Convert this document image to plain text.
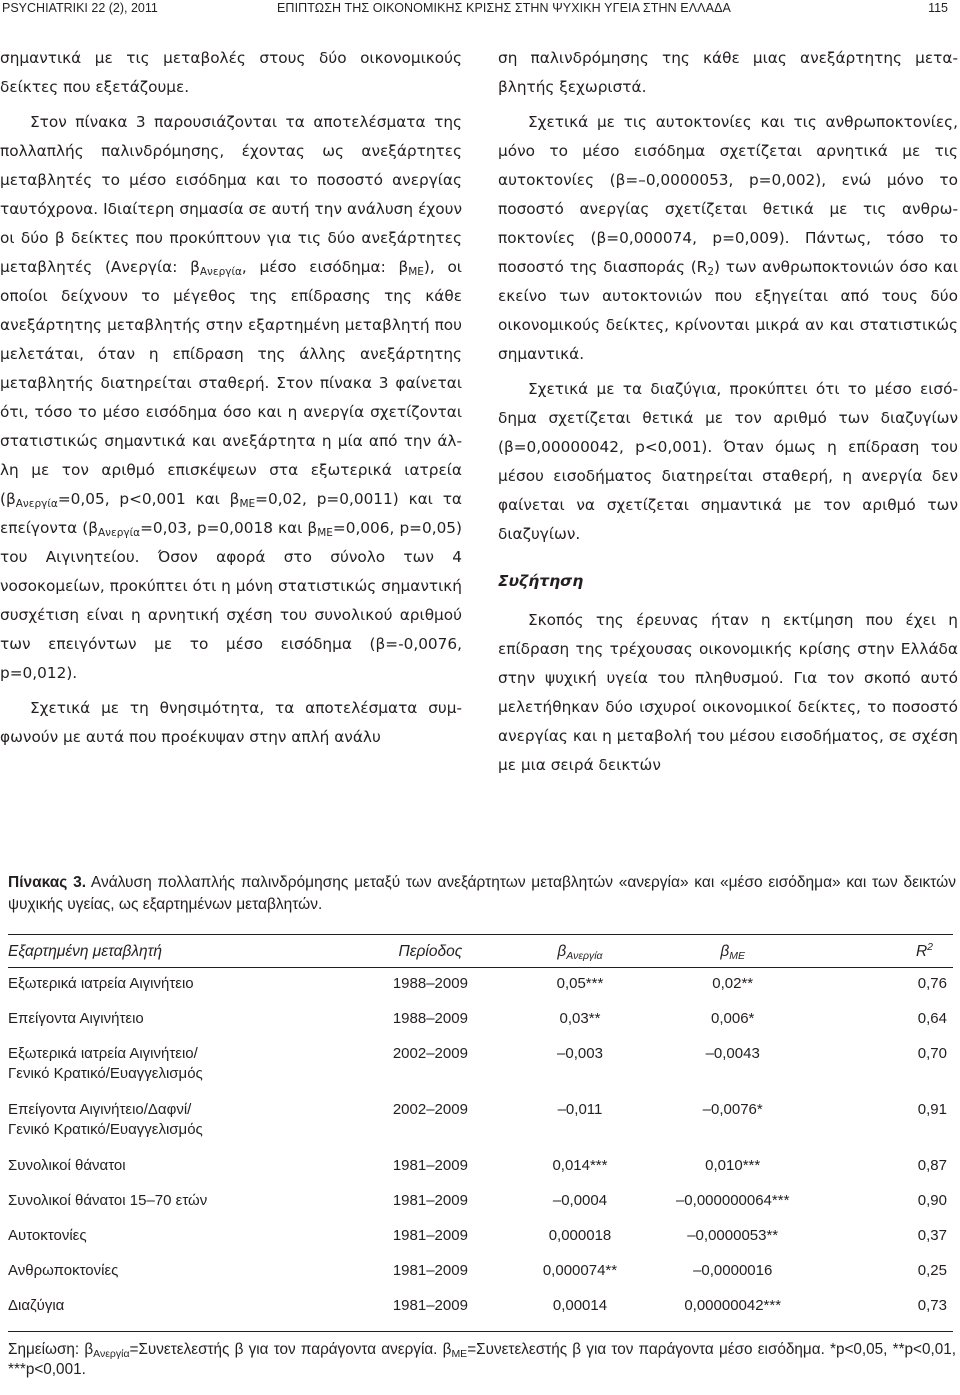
PSYCHIATRIKI 22 (2), 2011	ΕΠΙΠΤΩΣΗ ΤΗΣ ΟΙΚΟΝΟΜΙΚΗΣ ΚΡΙΣΗΣ ΣΤΗΝ ΨΥΧΙΚΗ ΥΓΕΙΑ ΣΤΗΝ ΕΛΛΑΔΑ	115

σημαντικά με τις μεταβολές στους δύο οικονομικούς δείκτες που εξετάζουμε.

Στον πίνακα 3 παρουσιάζονται τα αποτελέσματα της πολλαπλής παλινδρόμησης, έχοντας ως ανεξάρτητες μεταβλητές το μέσο εισόδημα και το ποσοστό ανεργίας ταυτόχρονα. Ιδιαίτερη σημασία σε αυτή την ανάλυση έχουν οι δύο β δείκτες που προκύπτουν για τις δύο ανεξάρτητες μεταβλητές (Ανεργία: $\beta_{A\nu\varepsilon\rho\gamma ί\alpha}$, μέσο εισόδημα: $\beta_{ME}$), οι οποίοι δείχνουν το μέγεθος της επίδρασης της κάθε ανεξάρτητης μεταβλητής στην εξαρτημένη μεταβλητή που μελετάται, όταν η επίδραση της άλλης ανεξάρτητης μεταβλητής διατηρείται σταθερή. Στον πίνακα 3 φαίνεται ότι, τόσο το μέσο εισόδημα όσο και η ανεργία σχετίζονται στατιστικώς σημαντικά και ανεξάρτητα η μία από την άλλη με τον αριθμό επισκέψεων στα εξωτερικά ιατρεία ($\beta_{A\nu\varepsilon\rho\gamma ί\alpha}=0,05$, p<0,001 και $\beta_{ME}=0,02$, p=0,0011) και τα επείγοντα ($\beta_{A\nu\varepsilon\rho\gamma ί\alpha}=0,03$, p=0,0018 και $\beta_{ME}=0,006$, p=0,05) του Αιγινητείου. Όσον αφορά στο σύνολο των 4 νοσοκομείων, προκύπτει ότι η μόνη στατιστικώς σημαντική συσχέτιση είναι η αρνητική σχέση του συνολικού αριθμού των επειγόντων με το μέσο εισόδημα (β=-0,0076, p=0,012).

Σχετικά με τη θνησιμότητα, τα αποτελέσματα συμφωνούν με αυτά που προέκυψαν στην απλή ανάλυ

ση παλινδρόμησης της κάθε μιας ανεξάρτητης μεταβλητής ξεχωριστά.

Σχετικά με τις αυτοκτονίες και τις ανθρωποκτονίες, μόνο το μέσο εισόδημα σχετίζεται αρνητικά με τις αυτοκτονίες (β=–0,0000053, p=0,002), ενώ μόνο το ποσοστό ανεργίας σχετίζεται θετικά με τις ανθρωποκτονίες (β=0,000074, p=0,009). Πάντως, τόσο το ποσοστό της διασποράς $(R_2)$ των ανθρωποκτονιών όσο και εκείνο των αυτοκτονιών που εξηγείται από τους δύο οικονομικούς δείκτες, κρίνονται μικρά αν και στατιστικώς σημαντικά.

Σχετικά με τα διαζύγια, προκύπτει ότι το μέσο εισόδημα σχετίζεται θετικά με τον αριθμό των διαζυγίων (β=0,00000042, p<0,001). Όταν όμως η επίδραση του μέσου εισοδήματος διατηρείται σταθερή, η ανεργία δεν φαίνεται να σχετίζεται σημαντικά με τον αριθμό των διαζυγίων.

Συζήτηση

Σκοπός της έρευνας ήταν η εκτίμηση που έχει η επίδραση της τρέχουσας οικονομικής κρίσης στην Ελλάδα στην ψυχική υγεία του πληθυσμού. Για τον σκοπό αυτό μελετήθηκαν δύο ισχυροί οικονομικοί δείκτες, το ποσοστό ανεργίας και η μεταβολή του μέσου εισοδήματος, σε σχέση με μια σειρά δεικτών

Πίνακας 3. Ανάλυση πολλαπλής παλινδρόμησης μεταξύ των ανεξάρτητων μεταβλητών «ανεργία» και «μέσο εισόδημα» και των δεικτών ψυχικής υγείας, ως εξαρτημένων μεταβλητών.

Εξαρτημένη μεταβλητή	Περίοδος	βΑνεργία	βΜΕ	$R^2$

Εξωτερικά ιατρεία Αιγινήτειο	1988–2009	0,05***	0,02**	0,76

Επείγοντα Αιγινήτειο	1988–2009	0,03**	0,006*	0,64

Εξωτερικά ιατρεία Αιγινήτειο/
Γενικό Κρατικό/Ευαγγελισμός	2002–2009	–0,003	–0,0043	0,70

Επείγοντα Αιγινήτειο/Δαφνί/
Γενικό Κρατικό/Ευαγγελισμός	2002–2009	–0,011	–0,0076*	0,91

Συνολικοί θάνατοι	1981–2009	0,014***	0,010***	0,87

Συνολικοί θάνατοι 15–70 ετών	1981–2009	–0,0004	–0,000000064***	0,90

Αυτοκτονίες	1981–2009	0,000018	–0,0000053**	0,37

Ανθρωποκτονίες	1981–2009	0,000074**	–0,0000016	0,25

Διαζύγια	1981–2009	0,00014	0,00000042***	0,73

Σημείωση: $\beta_{A\nu\varepsilon\rho\gamma ί\alpha}=\Sigma\upsilon\nu\varepsilon\tau\varepsilon\lambda\varepsilon\sigma\tau ή\varsigma$ β για τον παράγοντα ανεργία. $\beta_{ME}=\Sigma\upsilon\nu\varepsilon\tau\varepsilon\lambda\varepsilon\sigma\tau ή\varsigma$ β για τον παράγοντα μέσο εισόδημα. *p<0,05, **p<0,01, ***p<0,001.
